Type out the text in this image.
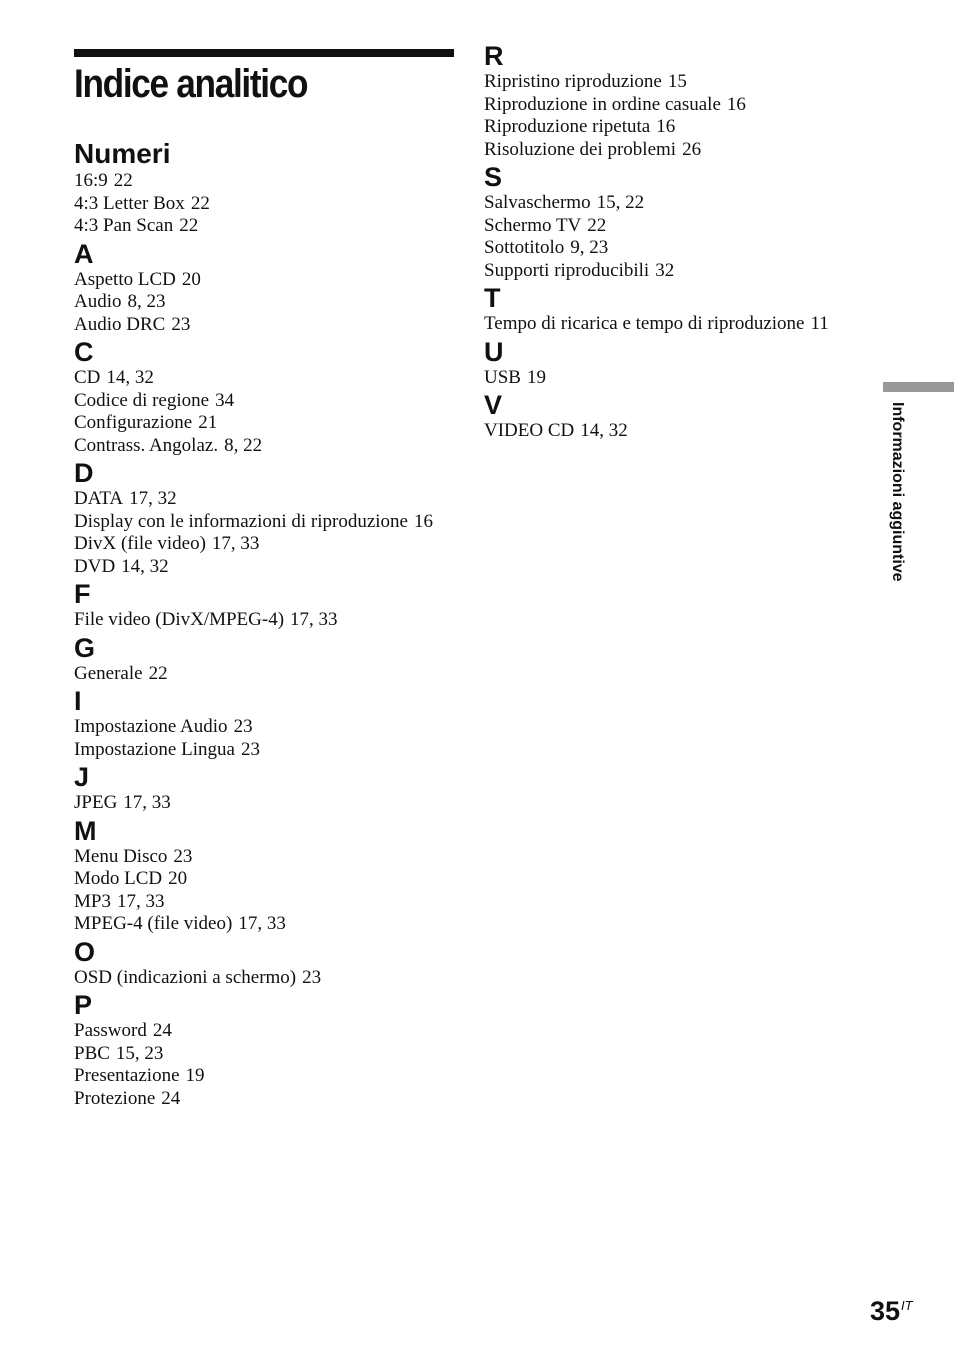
Indice analitico
Numeri
16:9 22
4:3 Letter Box 22
4:3 Pan Scan 22
A
Aspetto LCD 20
Audio 8, 23
Audio DRC 23
C
CD 14, 32
Codice di regione 34
Configurazione 21
Contrass. Angolaz. 8, 22
D
DATA 17, 32
Display con le informazioni di riproduzione 16
DivX (file video) 17, 33
DVD 14, 32
F
File video (DivX/MPEG-4) 17, 33
G
Generale 22
I
Impostazione Audio 23
Impostazione Lingua 23
J
JPEG 17, 33
M
Menu Disco 23
Modo LCD 20
MP3 17, 33
MPEG-4 (file video) 17, 33
O
OSD (indicazioni a schermo) 23
P
Password 24
PBC 15, 23
Presentazione 19
Protezione 24
R
Ripristino riproduzione 15
Riproduzione in ordine casuale 16
Riproduzione ripetuta 16
Risoluzione dei problemi 26
S
Salvaschermo 15, 22
Schermo TV 22
Sottotitolo 9, 23
Supporti riproducibili 32
T
Tempo di ricarica e tempo di riproduzione 11
U
USB 19
V
VIDEO CD 14, 32	Informazioni aggiuntive
$35^{IT}$
